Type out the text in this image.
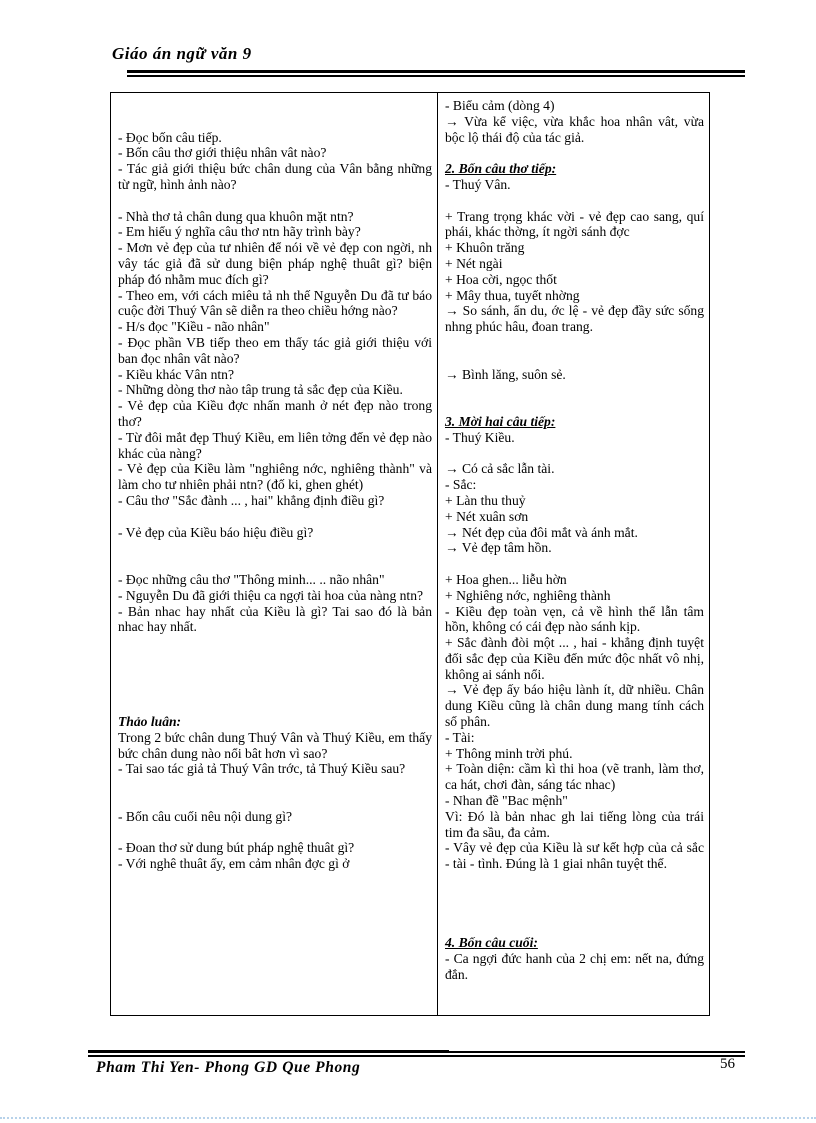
Giáo án ngữ văn 9
- Đọc bốn câu tiếp.
- Bốn câu thơ giới thiệu nhân vât nào?
- Tác giả giới thiệu bức chân dung của Vân bằng những từ ngữ, hình ảnh nào?
- Nhà thơ tả chân dung qua khuôn mặt ntn?
- Em hiểu ý nghĩa câu thơ ntn hãy trình bày?
- Mơn vẻ đẹp của tư nhiên để nói về vẻ đẹp con ngời, nh vây tác giả đã sử dung biện pháp nghệ thuât gì? biện pháp đó nhằm muc đích gì?
- Theo em, với cách miêu tả nh thế Nguyễn Du đã tư báo cuộc đời Thuý Vân sẽ diễn ra theo chiều hớng nào?
- H/s đọc "Kiều - não nhân"
- Đọc phần VB tiếp theo em thấy tác giả giới thiệu với ban đọc nhân vât nào?
- Kiều khác Vân ntn?
- Những dòng thơ nào tâp trung tả sắc đẹp của Kiều.
- Vẻ đẹp của Kiều đợc nhấn manh ở nét đẹp nào trong thơ?
- Từ đôi mắt đẹp Thuý Kiều, em liên tởng đến vẻ đẹp nào khác của nàng?
- Vẻ đẹp của Kiều làm "nghiêng nớc, nghiêng thành" và làm cho tư nhiên phải ntn? (đố ki, ghen ghét)
- Câu thơ "Sắc đành ... , hai" khẳng định điều gì?
- Vẻ đẹp của Kiều báo hiệu điều gì?
- Đọc những câu thơ "Thông minh... .. não nhân"
- Nguyễn Du đã giới thiệu ca ngợi tài hoa của nàng ntn?
- Bản nhac hay nhất của Kiều là gì? Tai sao đó là bản nhac hay nhất.
Thảo luân:
Trong 2 bức chân dung Thuý Vân và Thuý Kiều, em thấy bức chân dung nào nổi bât hơn vì sao?
- Tai sao tác giả tả Thuý Vân trớc, tả Thuý Kiều sau?
- Bốn câu cuối nêu nội dung gì?
- Đoan thơ sử dung bút pháp nghệ thuât gì?
- Với nghê thuât ấy, em cảm nhân đợc gì ở
- Biểu cảm (dòng 4)
→ Vừa kể việc, vừa khắc hoa nhân vât, vừa bộc lộ thái độ của tác giả.
2. Bốn câu thơ tiếp:
- Thuý Vân.
+ Trang trọng khác vời - vẻ đẹp cao sang, quí phái, khác thờng, ít ngời sánh đợc
+ Khuôn trăng
+ Nét ngài
+ Hoa cời, ngọc thốt
+ Mây thua, tuyết nhờng
→ So sánh, ẩn du, ớc lệ - vẻ đẹp đầy sức sống nhng phúc hâu, đoan trang.
→ Bình lăng, suôn sẻ.
3. Mời hai câu tiếp:
- Thuý Kiều.
→ Có cả sắc lẫn tài.
- Sắc:
+ Làn thu thuỷ
+ Nét xuân sơn
→ Nét đẹp của đôi mắt và ánh mắt.
→ Vẻ đẹp tâm hồn.
+ Hoa ghen... liễu hờn
+ Nghiêng nớc, nghiêng thành
- Kiều đẹp toàn vẹn, cả về hình thể lẫn tâm hồn, không có cái đẹp nào sánh kịp.
+ Sắc đành đòi một ... , hai - khẳng định tuyệt đối sắc đẹp của Kiều đến mức độc nhất vô nhị, không ai sánh nổi.
→ Vẻ đẹp ấy báo hiệu lành ít, dữ nhiều. Chân dung Kiều cũng là chân dung mang tính cách số phân.
- Tài:
+ Thông minh trời phú.
+ Toàn diện: cầm kì thi hoa (vẽ tranh, làm thơ, ca hát, chơi đàn, sáng tác nhac)
- Nhan đề "Bac mệnh"
Vì: Đó là bản nhac gh lai tiếng lòng của trái tim đa sầu, đa cảm.
- Vây vẻ đẹp của Kiều là sư kết hợp của cả sắc - tài - tình. Đúng là 1 giai nhân tuyệt thế.
4. Bốn câu cuối:
- Ca ngợi đức hanh của 2 chị em: nết na, đứng đắn.
Pham Thi Yen- Phong GD Que Phong	56
